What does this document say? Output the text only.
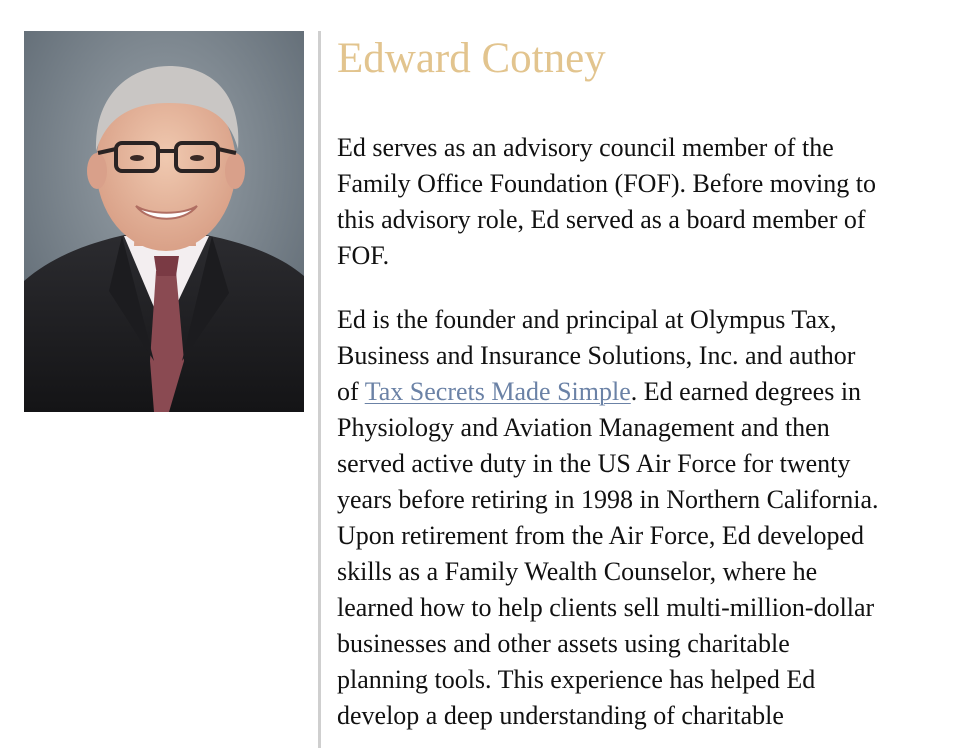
Edward Cotney

Ed serves as an advisory council member of the Family Office Foundation (FOF). Before moving to this advisory role, Ed served as a board member of FOF.

Ed is the founder and principal at Olympus Tax, Business and Insurance Solutions, Inc. and author of Tax Secrets Made Simple. Ed earned degrees in Physiology and Aviation Management and then served active duty in the US Air Force for twenty years before retiring in 1998 in Northern California. Upon retirement from the Air Force, Ed developed skills as a Family Wealth Counselor, where he learned how to help clients sell multi-million-dollar businesses and other assets using charitable planning tools. This experience has helped Ed develop a deep understanding of charitable
